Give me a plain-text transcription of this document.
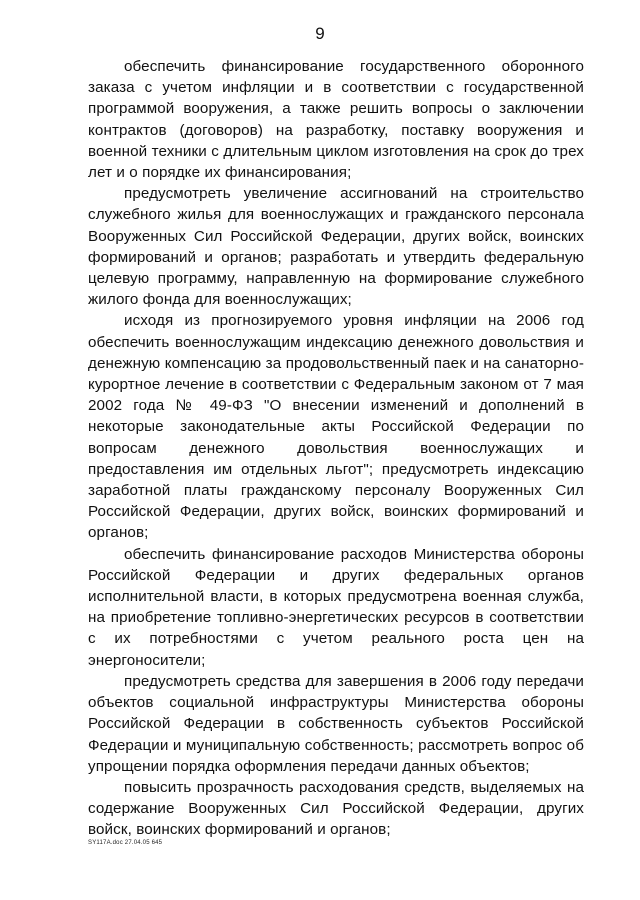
9

обеспечить финансирование государственного оборонного заказа с учетом инфляции и в соответствии с государственной программой вооружения, а также решить вопросы о заключении контрактов (договоров) на разработку, поставку вооружения и военной техники с длительным циклом изготовления на срок до трех лет и о порядке их финансирования;

предусмотреть увеличение ассигнований на строительство служебного жилья для военнослужащих и гражданского персонала Вооруженных Сил Российской Федерации, других войск, воинских формирований и органов; разработать и утвердить федеральную целевую программу, направленную на формирование служебного жилого фонда для военнослужащих;

исходя из прогнозируемого уровня инфляции на 2006 год обеспечить военнослужащим индексацию денежного довольствия и денежную компенсацию за продовольственный паек и на санаторно-курортное лечение в соответствии с Федеральным законом от 7 мая 2002 года № 49-ФЗ "О внесении изменений и дополнений в некоторые законодательные акты Российской Федерации по вопросам денежного довольствия военнослужащих и предоставления им отдельных льгот"; предусмотреть индексацию заработной платы гражданскому персоналу Вооруженных Сил Российской Федерации, других войск, воинских формирований и органов;

обеспечить финансирование расходов Министерства обороны Российской Федерации и других федеральных органов исполнительной власти, в которых предусмотрена военная служба, на приобретение топливно-энергетических ресурсов в соответствии с их потребностями с учетом реального роста цен на энергоносители;

предусмотреть средства для завершения в 2006 году передачи объектов социальной инфраструктуры Министерства обороны Российской Федерации в собственность субъектов Российской Федерации и муниципальную собственность; рассмотреть вопрос об упрощении порядка оформления передачи данных объектов;

повысить прозрачность расходования средств, выделяемых на содержание Вооруженных Сил Российской Федерации, других войск, воинских формирований и органов;

SY117A.doc 27.04.05 645
